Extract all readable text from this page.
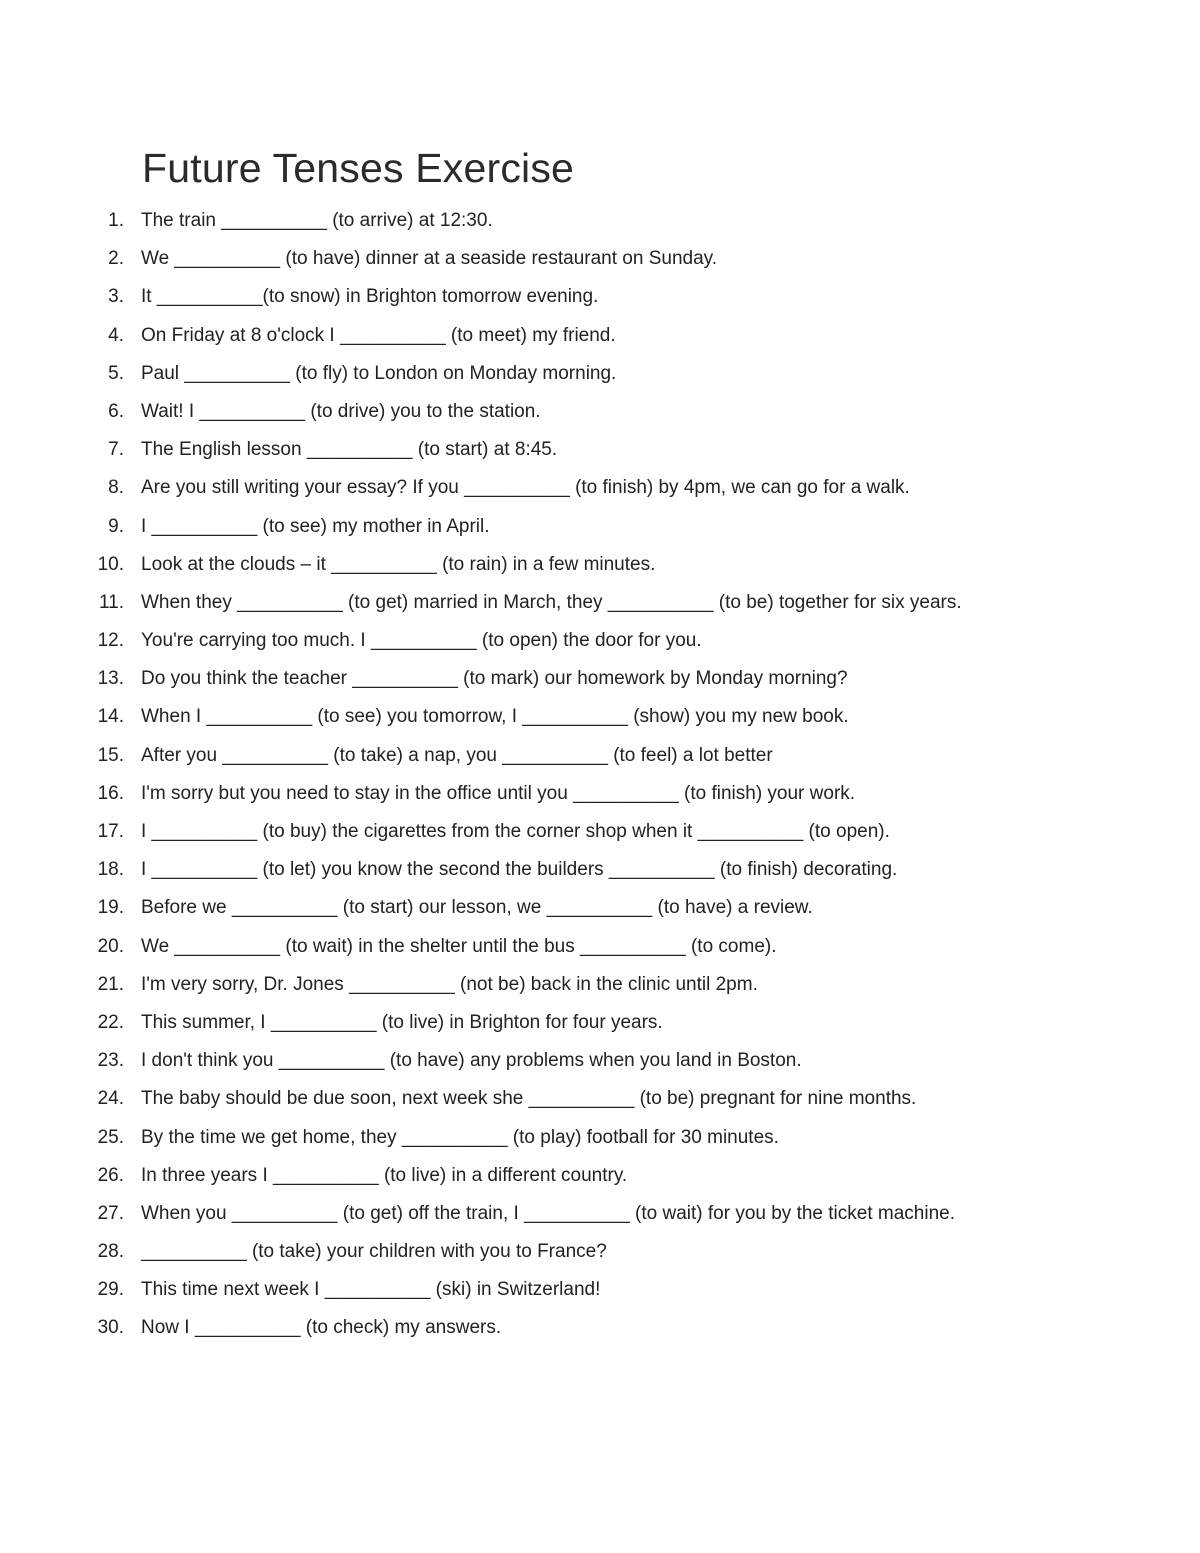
Future Tenses Exercise
1. The train __________ (to arrive) at 12:30.
2. We __________ (to have) dinner at a seaside restaurant on Sunday.
3. It __________(to snow) in Brighton tomorrow evening.
4. On Friday at 8 o'clock I __________ (to meet) my friend.
5. Paul __________ (to fly) to London on Monday morning.
6. Wait! I __________ (to drive) you to the station.
7. The English lesson __________ (to start) at 8:45.
8. Are you still writing your essay? If you __________ (to finish) by 4pm, we can go for a walk.
9. I __________ (to see) my mother in April.
10. Look at the clouds – it __________ (to rain) in a few minutes.
11. When they __________ (to get) married in March, they __________ (to be) together for six years.
12. You're carrying too much. I __________ (to open) the door for you.
13. Do you think the teacher __________ (to mark) our homework by Monday morning?
14. When I __________ (to see) you tomorrow, I __________ (show) you my new book.
15. After you __________ (to take) a nap, you __________ (to feel) a lot better
16. I'm sorry but you need to stay in the office until you __________ (to finish) your work.
17. I __________ (to buy) the cigarettes from the corner shop when it __________ (to open).
18. I __________ (to let) you know the second the builders __________ (to finish) decorating.
19. Before we __________ (to start) our lesson, we __________ (to have) a review.
20. We __________ (to wait) in the shelter until the bus __________ (to come).
21. I'm very sorry, Dr. Jones __________ (not be) back in the clinic until 2pm.
22. This summer, I __________ (to live) in Brighton for four years.
23. I don't think you __________ (to have) any problems when you land in Boston.
24. The baby should be due soon, next week she __________ (to be) pregnant for nine months.
25. By the time we get home, they __________ (to play) football for 30 minutes.
26. In three years I __________ (to live) in a different country.
27. When you __________ (to get) off the train, I __________ (to wait) for you by the ticket machine.
28. __________ (to take) your children with you to France?
29. This time next week I __________ (ski) in Switzerland!
30. Now I __________ (to check) my answers.
